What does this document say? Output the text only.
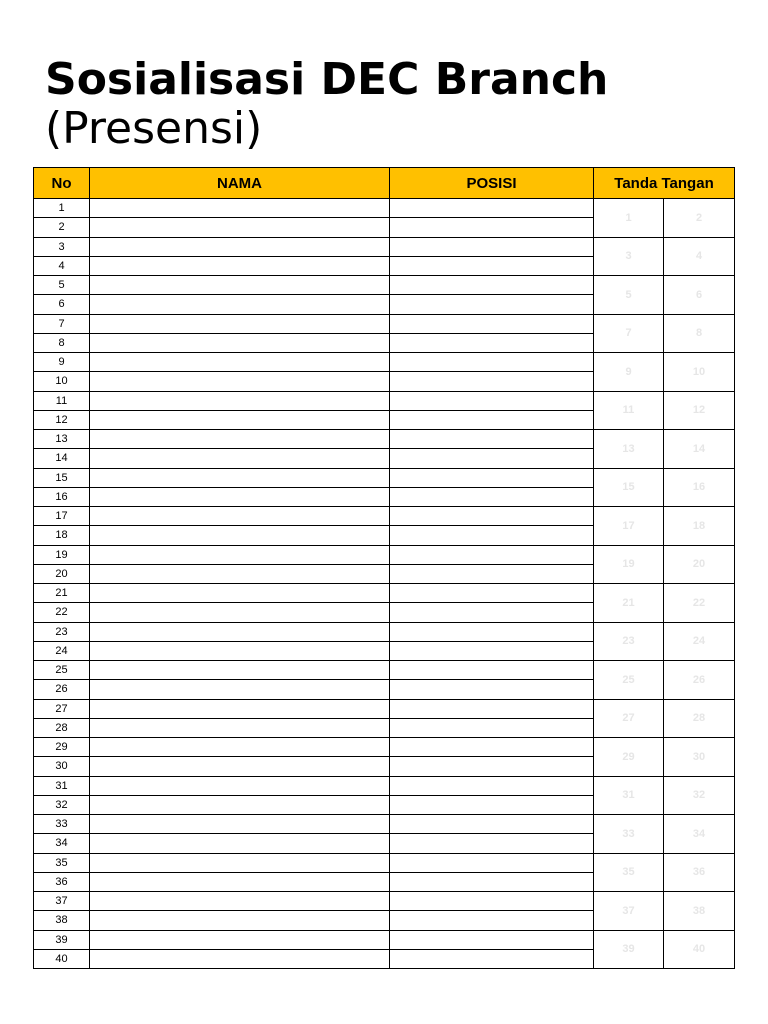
Sosialisasi DEC Branch
(Presensi)
No	NAMA	POSISI	Tanda Tangan	
1			1	2
2				
3			3	4
4				
5			5	6
6				
7			7	8
8				
9			9	10
10				
11			11	12
12				
13			13	14
14				
15			15	16
16				
17			17	18
18				
19			19	20
20				
21			21	22
22				
23			23	24
24				
25			25	26
26				
27			27	28
28				
29			29	30
30				
31			31	32
32				
33			33	34
34				
35			35	36
36				
37			37	38
38				
39			39	40
40				
